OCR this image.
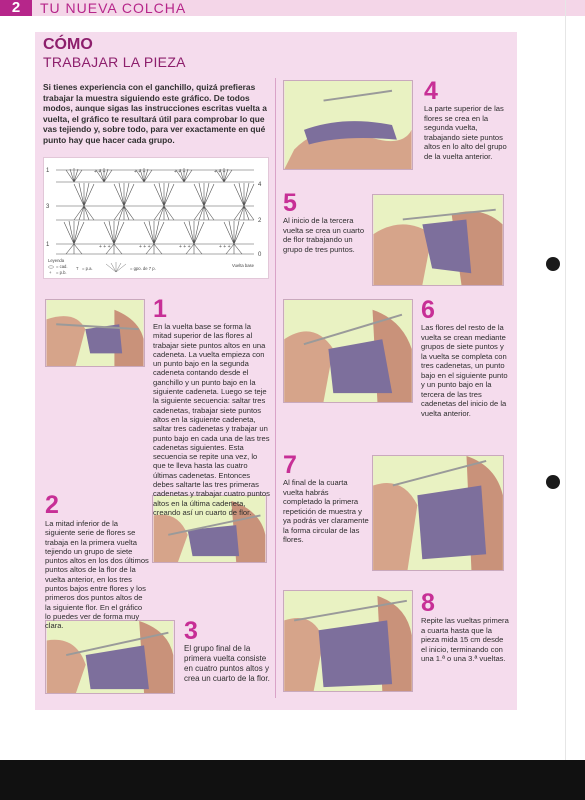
2	TU NUEVA COLCHA
CÓMO
TRABAJAR LA PIEZA

Si tienes experiencia con el ganchillo, quizá prefieras trabajar la muestra siguiendo este gráfico. De todos modos, aunque sigas las instrucciones escritas vuelta a vuelta, el gráfico te resultará útil para comprobar lo que vas tejiendo y, sobre todo, para ver exactamente en qué punto hay que hacer cada grupo.

+ + +	+ + +	+ + +	+ + +
+ + +	+ + +	+ + +	+ + +
1
3
1
4
2
0
Leyenda
= cad.
+ = p.b.
T = p.a.	= gpo. de 7 p.
Vuelta base
1
2
3
4
5
6
7
8

En la vuelta base se forma la mitad superior de las flores al trabajar siete puntos altos en una cadeneta. La vuelta empieza con un punto bajo en la segunda cadeneta contando desde el ganchillo y un punto bajo en la siguiente cadeneta. Luego se teje la siguiente secuencia: saltar tres cadenetas, trabajar siete puntos altos en la siguiente cadeneta, saltar tres cadenetas y trabajar un punto bajo en cada una de las tres cadenetas siguientes. Esta secuencia se repite una vez, lo que te lleva hasta las cuatro últimas cadenetas. Entonces debes saltarte las tres primeras cadenetas y trabajar cuatro puntos altos en la última cadeneta, creando así un cuarto de flor.

La mitad inferior de la siguiente serie de flores se trabaja en la primera vuelta tejiendo un grupo de siete puntos altos en los dos últimos puntos altos de la flor de la vuelta anterior, en los tres puntos bajos entre flores y los primeros dos puntos altos de la siguiente flor. En el gráfico lo puedes ver de forma muy clara.

El grupo final de la primera vuelta consiste en cuatro puntos altos y crea un cuarto de la flor.

La parte superior de las flores se crea en la segunda vuelta, trabajando siete puntos altos en lo alto del grupo de la vuelta anterior.

Al inicio de la tercera vuelta se crea un cuarto de flor trabajando un grupo de tres puntos.

Las flores del resto de la vuelta se crean mediante grupos de siete puntos y la vuelta se completa con tres cadenetas, un punto bajo en el siguiente punto y un punto bajo en la tercera de las tres cadenetas del inicio de la vuelta anterior.

Al final de la cuarta vuelta habrás completado la primera repetición de muestra y ya podrás ver claramente la forma circular de las flores.

Repite las vueltas primera a cuarta hasta que la pieza mida 15 cm desde el inicio, terminando con una 1.ª o una 3.ª vueltas.
